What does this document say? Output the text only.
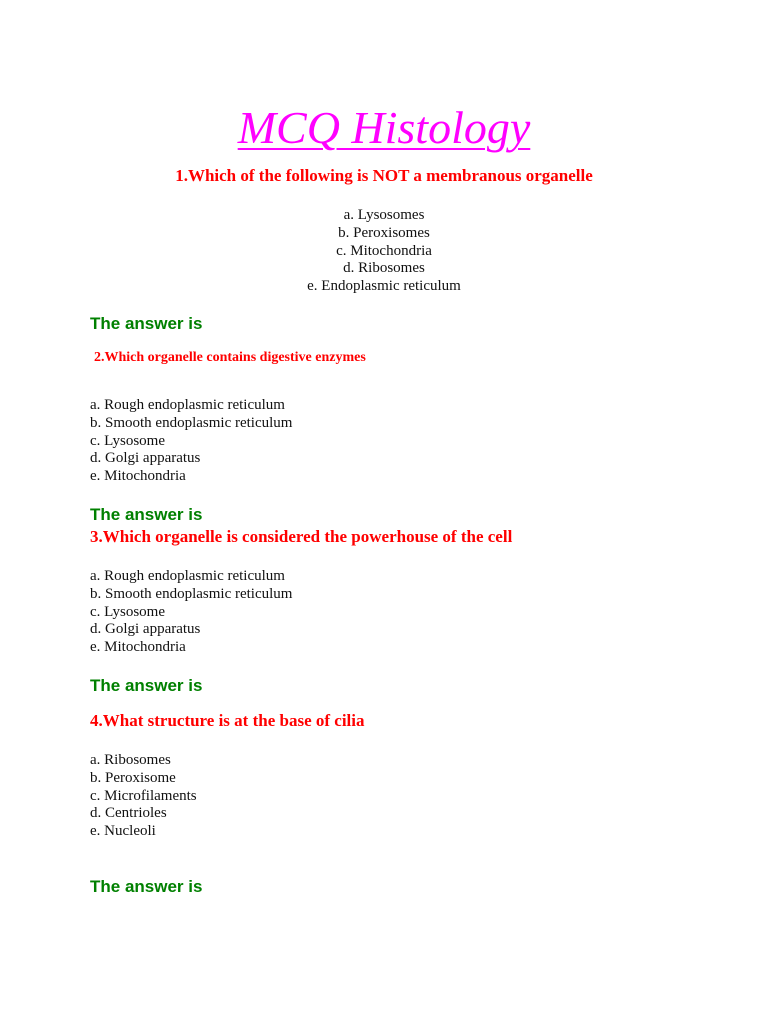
MCQ Histology

1.Which of the following is NOT a membranous organelle

a. Lysosomes
b. Peroxisomes
c. Mitochondria
d. Ribosomes
e. Endoplasmic reticulum

The answer is

2.Which organelle contains digestive enzymes

a. Rough endoplasmic reticulum
b. Smooth endoplasmic reticulum
c. Lysosome
d. Golgi apparatus
e. Mitochondria

The answer is

3.Which organelle is considered the powerhouse of the cell

a. Rough endoplasmic reticulum
b. Smooth endoplasmic reticulum
c. Lysosome
d. Golgi apparatus
e. Mitochondria

The answer is

4.What structure is at the base of cilia

a. Ribosomes
b. Peroxisome
c. Microfilaments
d. Centrioles
e. Nucleoli

The answer is
